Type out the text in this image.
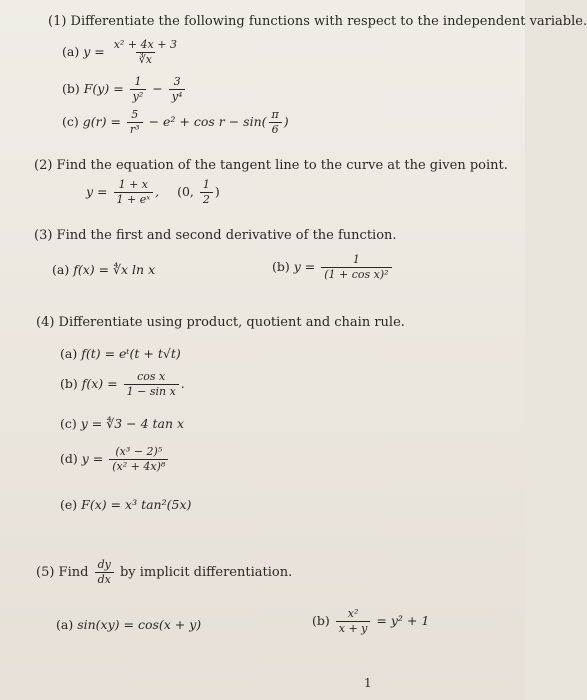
(1) Differentiate the following functions with respect to the independent variable.
(a) $y = \frac{\text{x² + 4x + 3}}{∛x}$
(b) $F(y) = \frac{1}{\text{y²}} - \frac{3}{\text{y⁴}}$
(c) $g(r) = \frac{5}{\text{r³}} - e^2 + \cos r - \sin( \frac{\pi}{6}$ )
(2) Find the equation of the tangent line to the curve at the given point.
$y = \frac{1 + x}{\text{1 + eˣ}}$ , (0, $\frac{1}{2}$ )
(3) Find the first and second derivative of the function.
(a) f(x) = ∜x ln x	(b) $y = \frac{1}{\text{(1 + cos x)²}}$
(4) Differentiate using product, quotient and chain rule.
(a) f(t) = eᵗ(t + t√t)
(b) $f(x) = \frac{\text{cos x}}{\text{1 − sin x}}$ .
(c) y = ∜3 − 4 tan x
(d) $y = \frac{\text{(x³ − 2)⁵}}{\text{(x² + 4x)⁸}}$
(e) F(x) = x³ tan²(5x)
(5) Find $\frac{dy}{dx}$ by implicit differentiation.
(a) sin(xy) = cos(x + y)	$(b) \frac{\text{x²}}{x + y} = y^2 + 1$
1
